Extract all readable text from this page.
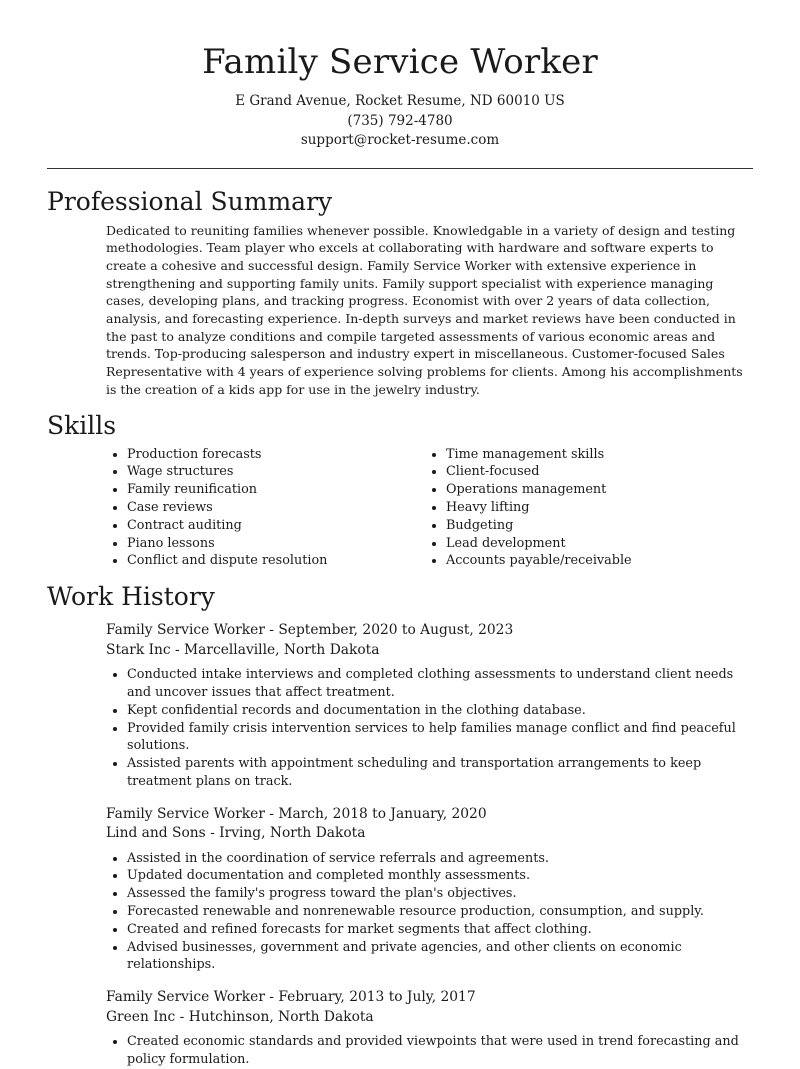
Family Service Worker
E Grand Avenue, Rocket Resume, ND 60010 US
(735) 792-4780
support@rocket-resume.com
Professional Summary

Dedicated to reuniting families whenever possible. Knowledgable in a variety of design and testing methodologies. Team player who excels at collaborating with hardware and software experts to create a cohesive and successful design. Family Service Worker with extensive experience in strengthening and supporting family units. Family support specialist with experience managing cases, developing plans, and tracking progress. Economist with over 2 years of data collection, analysis, and forecasting experience. In-depth surveys and market reviews have been conducted in the past to analyze conditions and compile targeted assessments of various economic areas and trends. Top-producing salesperson and industry expert in miscellaneous. Customer-focused Sales Representative with 4 years of experience solving problems for clients. Among his accomplishments is the creation of a kids app for use in the jewelry industry.

Skills
• Production forecasts
• Wage structures
• Family reunification
• Case reviews
• Contract auditing
• Piano lessons
• Conflict and dispute resolution
• Time management skills
• Client-focused
• Operations management
• Heavy lifting
• Budgeting
• Lead development
• Accounts payable/receivable
Work History
Family Service Worker - September, 2020 to August, 2023
Stark Inc - Marcellaville, North Dakota
• Conducted intake interviews and completed clothing assessments to understand client needs and uncover issues that affect treatment.
• Kept confidential records and documentation in the clothing database.
• Provided family crisis intervention services to help families manage conflict and find peaceful solutions.
• Assisted parents with appointment scheduling and transportation arrangements to keep treatment plans on track.
Family Service Worker - March, 2018 to January, 2020
Lind and Sons - Irving, North Dakota
• Assisted in the coordination of service referrals and agreements.
• Updated documentation and completed monthly assessments.
• Assessed the family's progress toward the plan's objectives.
• Forecasted renewable and nonrenewable resource production, consumption, and supply.
• Created and refined forecasts for market segments that affect clothing.
• Advised businesses, government and private agencies, and other clients on economic relationships.
Family Service Worker - February, 2013 to July, 2017
Green Inc - Hutchinson, North Dakota
• Created economic standards and provided viewpoints that were used in trend forecasting and policy formulation.
